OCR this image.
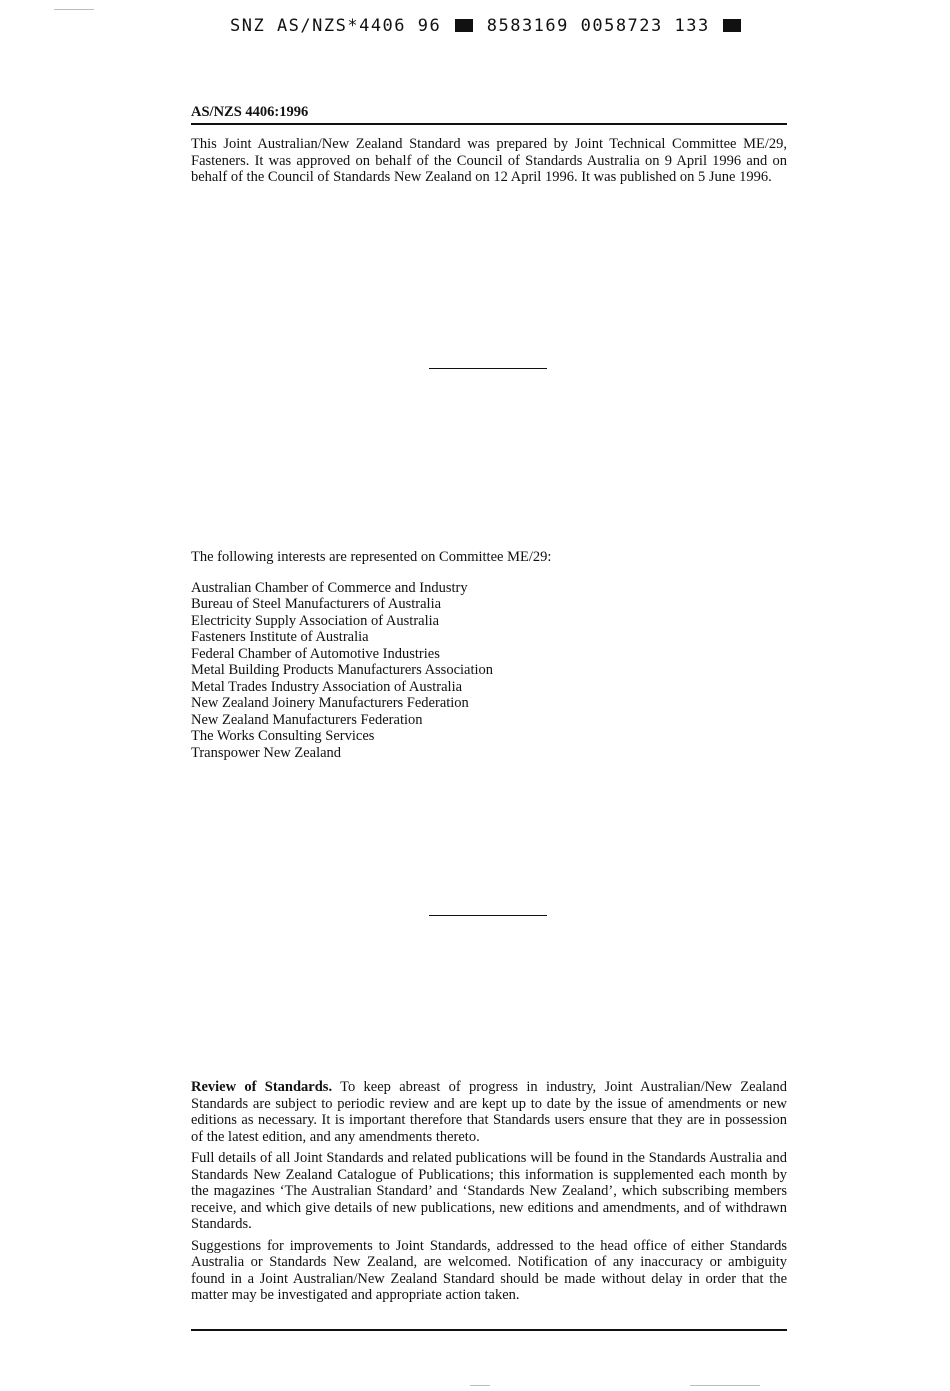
SNZ AS/NZS*4406 96	8583169 0058723 133
AS/NZS 4406:1996

This Joint Australian/New Zealand Standard was prepared by Joint Technical Committee ME/29, Fasteners. It was approved on behalf of the Council of Standards Australia on 9 April 1996 and on behalf of the Council of Standards New Zealand on 12 April 1996. It was published on 5 June 1996.

The following interests are represented on Committee ME/29:
Australian Chamber of Commerce and Industry
Bureau of Steel Manufacturers of Australia
Electricity Supply Association of Australia
Fasteners Institute of Australia
Federal Chamber of Automotive Industries
Metal Building Products Manufacturers Association
Metal Trades Industry Association of Australia
New Zealand Joinery Manufacturers Federation
New Zealand Manufacturers Federation
The Works Consulting Services
Transpower New Zealand

Review of Standards. To keep abreast of progress in industry, Joint Australian/New Zealand Standards are subject to periodic review and are kept up to date by the issue of amendments or new editions as necessary. It is important therefore that Standards users ensure that they are in possession of the latest edition, and any amendments thereto.

Full details of all Joint Standards and related publications will be found in the Standards Australia and Standards New Zealand Catalogue of Publications; this information is supplemented each month by the magazines ‘The Australian Standard’ and ‘Standards New Zealand’, which subscribing members receive, and which give details of new publications, new editions and amendments, and of withdrawn Standards.

Suggestions for improvements to Joint Standards, addressed to the head office of either Standards Australia or Standards New Zealand, are welcomed. Notification of any inaccuracy or ambiguity found in a Joint Australian/New Zealand Standard should be made without delay in order that the matter may be investigated and appropriate action taken.
